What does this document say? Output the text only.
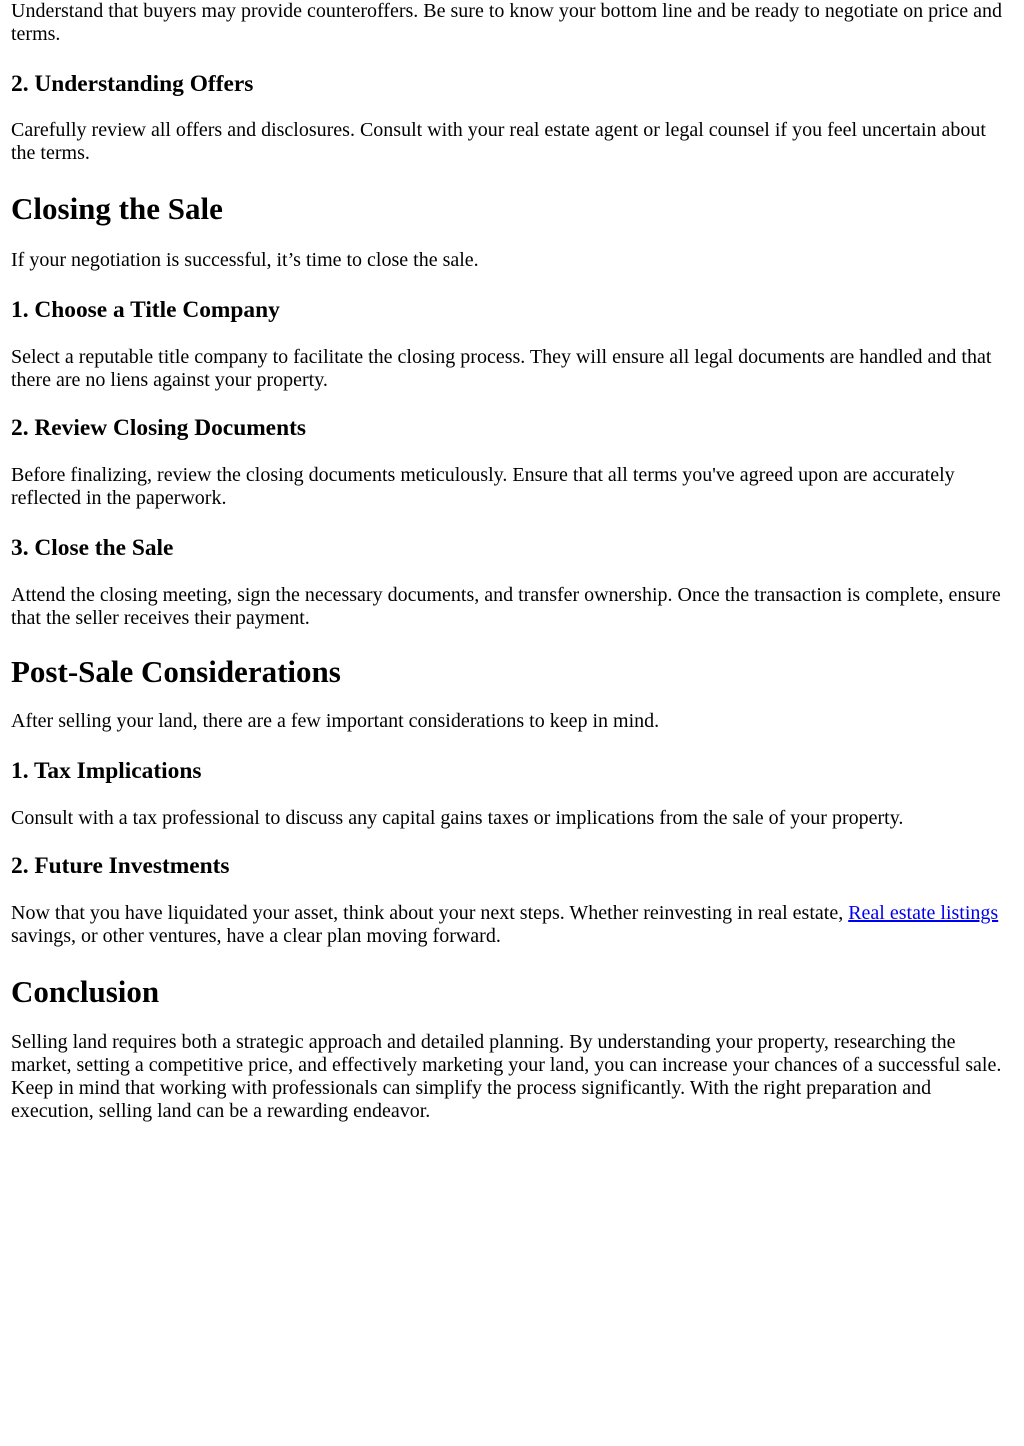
Understand that buyers may provide counteroffers. Be sure to know your bottom line and be ready to negotiate on price and terms.

2. Understanding Offers

Carefully review all offers and disclosures. Consult with your real estate agent or legal counsel if you feel uncertain about the terms.

Closing the Sale

If your negotiation is successful, it’s time to close the sale.

1. Choose a Title Company

Select a reputable title company to facilitate the closing process. They will ensure all legal documents are handled and that there are no liens against your property.

2. Review Closing Documents

Before finalizing, review the closing documents meticulously. Ensure that all terms you've agreed upon are accurately reflected in the paperwork.

3. Close the Sale

Attend the closing meeting, sign the necessary documents, and transfer ownership. Once the transaction is complete, ensure that the seller receives their payment.

Post-Sale Considerations

After selling your land, there are a few important considerations to keep in mind.

1. Tax Implications

Consult with a tax professional to discuss any capital gains taxes or implications from the sale of your property.

2. Future Investments

Now that you have liquidated your asset, think about your next steps. Whether reinvesting in real estate, Real estate listings savings, or other ventures, have a clear plan moving forward.

Conclusion

Selling land requires both a strategic approach and detailed planning. By understanding your property, researching the market, setting a competitive price, and effectively marketing your land, you can increase your chances of a successful sale. Keep in mind that working with professionals can simplify the process significantly. With the right preparation and execution, selling land can be a rewarding endeavor.
